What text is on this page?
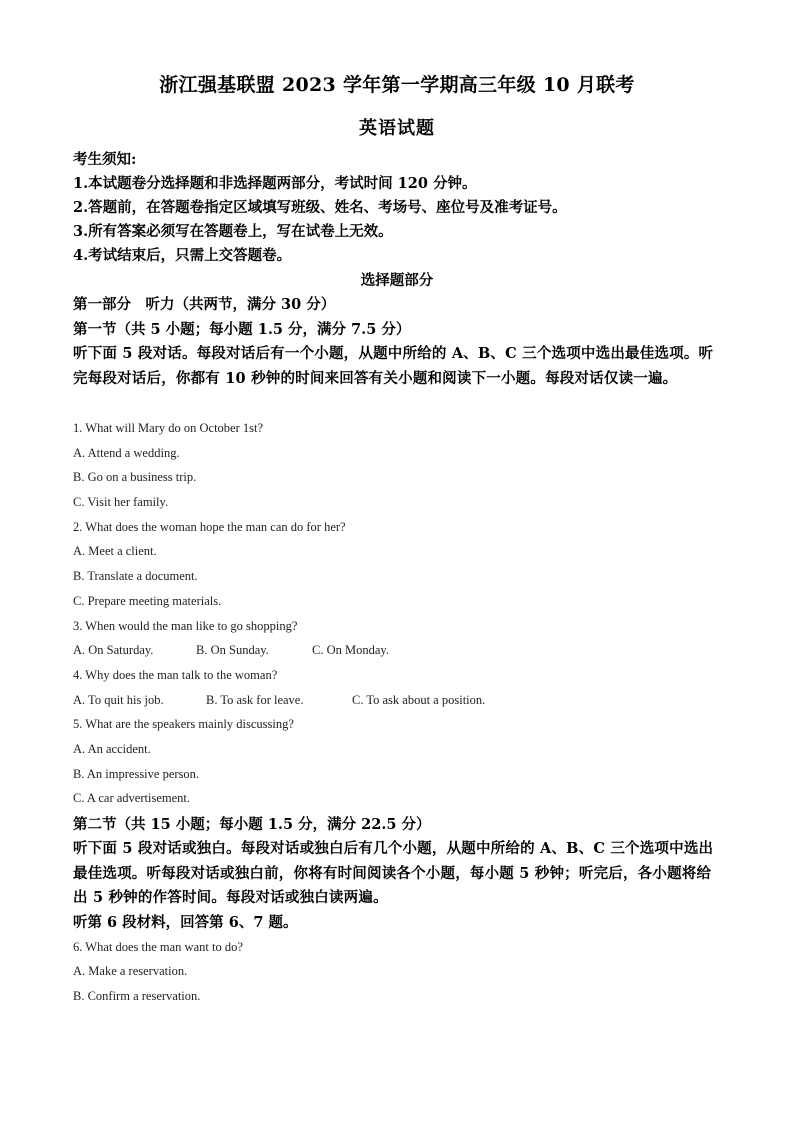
浙江强基联盟 2023 学年第一学期高三年级 10 月联考
英语试题
考生须知:
1.本试题卷分选择题和非选择题两部分，考试时间 120 分钟。
2.答题前，在答题卷指定区域填写班级、姓名、考场号、座位号及准考证号。
3.所有答案必须写在答题卷上，写在试卷上无效。
4.考试结束后，只需上交答题卷。
选择题部分
第一部分　听力（共两节，满分 30 分）
第一节（共 5 小题；每小题 1.5 分，满分 7.5 分）
听下面 5 段对话。每段对话后有一个小题，从题中所给的 A、B、C 三个选项中选出最佳选项。听完每段对话后，你都有 10 秒钟的时间来回答有关小题和阅读下一小题。每段对话仅读一遍。
1. What will Mary do on October 1st?
A. Attend a wedding.
B. Go on a business trip.
C. Visit her family.
2. What does the woman hope the man can do for her?
A. Meet a client.
B. Translate a document.
C. Prepare meeting materials.
3. When would the man like to go shopping?
A. On Saturday.	B. On Sunday.	C. On Monday.
4. Why does the man talk to the woman?
A. To quit his job.	B. To ask for leave.	C. To ask about a position.
5. What are the speakers mainly discussing?
A. An accident.
B. An impressive person.
C. A car advertisement.
第二节（共 15 小题；每小题 1.5 分，满分 22.5 分）
听下面 5 段对话或独白。每段对话或独白后有几个小题，从题中所给的 A、B、C 三个选项中选出最佳选项。听每段对话或独白前，你将有时间阅读各个小题，每小题 5 秒钟；听完后，各小题将给出 5 秒钟的作答时间。每段对话或独白读两遍。
听第 6 段材料，回答第 6、7 题。
6. What does the man want to do?
A. Make a reservation.
B. Confirm a reservation.
